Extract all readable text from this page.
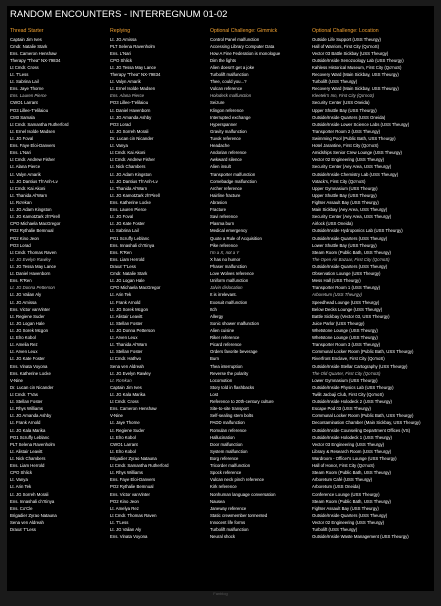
RANDOM ENCOUNTERS - INTERREGNUM 01-02
Thread Starter
Captain Jim Ives
Cmdr. Natalie Stark
Ens. Cameron Henshaw
Therapy "Thea" NX-79834
Lt Cmdr. Cross
Lt. T'Less
Lt. Sabrina Lail
Ens. Jaye Thorne
Ens. Lauren Pierce
CWO1 Larrant
PO3 Lillee-T'elilaiou
CM3 Samala
Lt Cmdr. Samantha Rutherford
Lt. Ernel Isolde Madsen
Lt. JG Foval
Ens. Faye Eloi-Danvers
Ens. L'Nari
Lt Cmdr. Andrew Fisher
Lt. Alana Pierce
Lt. Valyn Amarik
Lt. JG Dantius Th'Anh-Lv
Lt Cmdr. Kai Akoni
Lt. Thanida Al'Warn
Lt. Ro'ekan
Lt. JG Adam Kingston
Lt. JG KamotZark zh'Pirell
CPO Michaela MacGregor
PO2 Rythalie Bemnual
PO2 Kino Jeon
PO3 Lorad
Lt Cmdr. Thomas Raven
Lt. JG Evelyn Rawley
Lt. JG Tessa May Lance
Lt. Daniel Havenborn
Ens. R'Ren
Lt. JG Donna Petterson
Lt. JG Valian Aly
Lt. JG Amissa
Ens. Victor vanVinter
Lt. Regiene Suder
Lt. JG Logan Hale
Lt. JG Sorek Mcgon
Lt. Elro Kobol
Lt. Amelia Rez
Lt. Arven Leux
Lt. JG Kate Foster
Ens. Vinata Voyona
Ens. Katherine Locke
V-Nine
Dr. Lucan cin Nicander
Lt Cmdr. T'Vas
Lt. Stellan Foster
Lt. Rhys Williams
Lt. JG Amanda Ashby
Lt. Frank Arnold
Lt. JG Kala Marika
PO1 Scruffy Leblanc
PLT Selena Ravenholm
Lt. Alistair Leavitt
Lt. Nick Chambers
Ens. Liam Herrold
CPO Shlick
Lt. Vanya
Lt. Arin Tek
Lt. JG Sorreh Morali
Ens. Innashali ch'Xinya
Ens. Co'Cle
Brigadier Zyrao Natauna
Sena ven Aldreah
Draxa' T'Less
Replying
Lt. JG Amissa
PLT Selena Ravenholm
Ens. L'Nari
CPO Shlick
Lt. JG Tessa May Lance
Therapy "Thea" NX-79834
Lt. Valyn Amarik
Lt. Ernel Isolde Madsen
Ens. Alana Pierce
PO3 Lillee-T'elilaiou
Lt. Daniel Havenborn
Lt. JG Amanda Ashby
PO3 Lorad
Lt. JG Sorreh Morali
Dr. Lucan cin Nicander
Lt. Vanya
Lt Cmdr. Kai Akoni
Lt Cmdr. Andrew Fisher
Lt. Nick Chambers
Lt. JG Adam Kingston
Lt. JG Dantius Th'Anh-Lv
Lt. Thanida Al'Warn
Lt. JG KamotZark zh'Pirell
Ens. Katherine Locke
Ens. Lauren Pierce
Lt. JG Foval
Lt. JG Kate Foster
Lt. Sabrina Lail
PO1 Scruffy Leblanc
Ens. Innashali ch'Xinya
Ens. R'Ren
Ens. Liam Herrold
Draxa' T'Less
Cmdr. Natalie Stark
Lt. JG Logan Hale
CPO Michaela MacGregor
Lt. Arin Tek
Lt. Frank Arnold
Lt. JG Sorek Mcgon
Lt. Alistair Leavitt
Lt. Stellan Foster
Lt. JG Donna Petterson
Lt. Arven Leux
Lt. Thanida Al'Warn
Lt. Stellan Foster
Lt Cmdr. Hathvo
Sena ven Aldreah
Lt. JG Evelyn Rawley
Lt. Ro'ekan
Captain Jim Ives
Lt. JG Kala Marika
Lt Cmdr. Cross
Ens. Cameron Henshaw
V-Nine
Lt. Jaye Thorne
Lt. Regiene Suder
Lt. Elro Kobol
CWO1 Larrant
Lt. Elro Kobol
Brigadier Zyrao Natauna
Lt Cmdr. Samantha Rutherford
Lt. Rhys Williams
Ens. Faye Eloi-Danvers
PO2 Rythalie Bemnual
Ens. Victor vanVinter
PO2 Kino Jeon
Lt. Amelya Rez
Lt Cmdr. Thomas Raven
Lt. T'Less
Lt. JG Valian Aly
Ens. Vinata Voyona
Optional Challenge: Gimmick
Control Panel malfunction
Accessing Library Computer Data
How A Fine Federation is monologue
Dim the lights
Alien doesn't get a joke
Turbolift malfunction
Thee, could you...?
Vulcan reference
Holodeck malfunction
Seizure
Klingon reference
Interrupted exchange
Hyperspanner
Gravity malfunction
Tuvok reference
Headache
Andorian reference
Awkward silence
Alien insult
Transporter malfunction
Comebadge malfunction
Archer reference
Hairline fracture
Abrasion
Fracture
Savi reference
Plasma burn
Medical emergency
Quote a Rule of Acquisition
Pike reference
I'm a X, not a Y
X has no humor
Phaser malfunction
Love Wolves reference
Uniform malfunction
Jalvin dislocation
It is irrelevant.
Exosuit malfunction
Itch
Allergy
Sonic shower malfunction
Alien cuisine
Riker reference
Picard reference
Orders favorite beverage
Burn
Thea interruption
Reverse the polarity
Locomotion
Story told in flashbacks
Lost
Reference to 20th-century culture
Site-to-site transport
Self-sealing stem bolts
PADD malfunction
Romulan reference
Hallucination
Door malfunction
System malfunction
Borg reference
Tricorder malfunction
Spock reference
Vulcan neck pinch reference
Kirk reference
Nonhuman language conversation
Nausea
Janeway reference
Static crewmember tormented
Innocent life forms
Turbolift malfunction
Neural shock
Optional Challenge: Location
Outside Life Support (USS Theurgy)
Hall of Warriors, First City (Qo'noS)
Vector 03 Battle Sickbay (USS Theurgy)
Outside/Inside Xenozoology Lab (USS Theurgy)
Kahless Historical Museum, First City (Qo'noS)
Recovery Ward (Main Sickbay, USS Theurgy)
Turbolift (USS Theurgy)
Recovery Ward (Main Sickbay, USS Theurgy)
Kleetek's Inn, First City (Qo'noS)
Security Center (USS Oneida)
Upper Shuttle Bay (USS Theurgy)
Outside/Inside Quarters (USS Oneida)
Outside/Inside Lower Science Labs (USS Theurgy)
Transporter Room 2 (USS Theurgy)
Swimming Pool (Public Bath, USS Theurgy)
Hotel Jarantine, First City (Qo'noS)
Amidships Senior Crew Lounge (USS Theurgy)
Vector 02 Engineering (USS Theurgy)
Security Center (Aey Area, USS Theurgy)
Outside/Inside Chemistry Lab (USS Theurgy)
Votack's, First City (Qo'noS)
Upper Gymnasium (USS Theurgy)
Upper Shuttle Bay (USS Theurgy)
Fighter Assault Bay (USS Theurgy)
Main Sickbay (Aey Area, USS Theurgy)
Security Center (Aey Area, USS Theurgy)
Airlock (USS Oneida)
Outside/Inside Hydroponics Lab (USS Theurgy)
Outside/Inside Quarters (USS Theurgy)
Lower Shuttle Bay (USS Theurgy)
Steam Room (Public Bath, USS Theurgy)
The Open Air Bazaar, First City (Qo'noS)
Outside/Inside Quarters (USS Theurgy)
Observation Lounge (USS Theurgy)
Mess Hall (USS Theurgy)
Transporter Room 1 (USS Theurgy)
Arboretum (USS Theurgy)
Speedhead Lounge (USS Theurgy)
Below Decks Lounge (USS Theurgy)
Battle Sickbay (Vector 03, USS Theurgy)
Juice Parlor (USS Theurgy)
Whetstone Lounge (USS Theurgy)
Whetstone Lounge (USS Theurgy)
Transporter Room 3 (USS Theurgy)
Communal Locker Room (Public Bath, USS Theurgy)
Riverfront Enclave, First City (Qo'noS)
Outside/Inside Stellar Cartography (USS Theurgy)
The Old Quarter, First City (Qo'noS)
Lower Gymnasium (USS Theurgy)
Outside/Inside Physics Lab (USS Theurgy)
Twilit Jacbaji Club, First City (Qo'noS)
Outside/Inside Holodeck 2 (USS Theurgy)
Escape Pod 03 (USS Theurgy)
Communal Locker Room (Public Bath, USS Theurgy)
Decontamination Chamber (Main Sickbay, USS Theurgy)
Outside/Inside Counseling Department Offices (VS)
Outside/Inside Holodeck 1 (USS Theurgy)
Vector 03 Engineering (USS Theurgy)
Library & Research Room (USS Theurgy)
Wardroom - Officer's Lounge (USS Theurgy)
Hall of Honor, First City (Qo'noS)
Steam Room (Public Bath, USS Theurgy)
Arboretum Café (USS Theurgy)
Arboretum (USS Oneida)
Conference Lounge (USS Theurgy)
Steam Room (Public Bath, USS Theurgy)
Fighter Assault Bay (USS Theurgy)
Outside/Inside Quarters (USS Theurgy)
Vector 02 Engineering (USS Theurgy)
Turbolift (USS Theurgy)
Outside/Inside Waste Management (USS Theurgy)
Fanblog
